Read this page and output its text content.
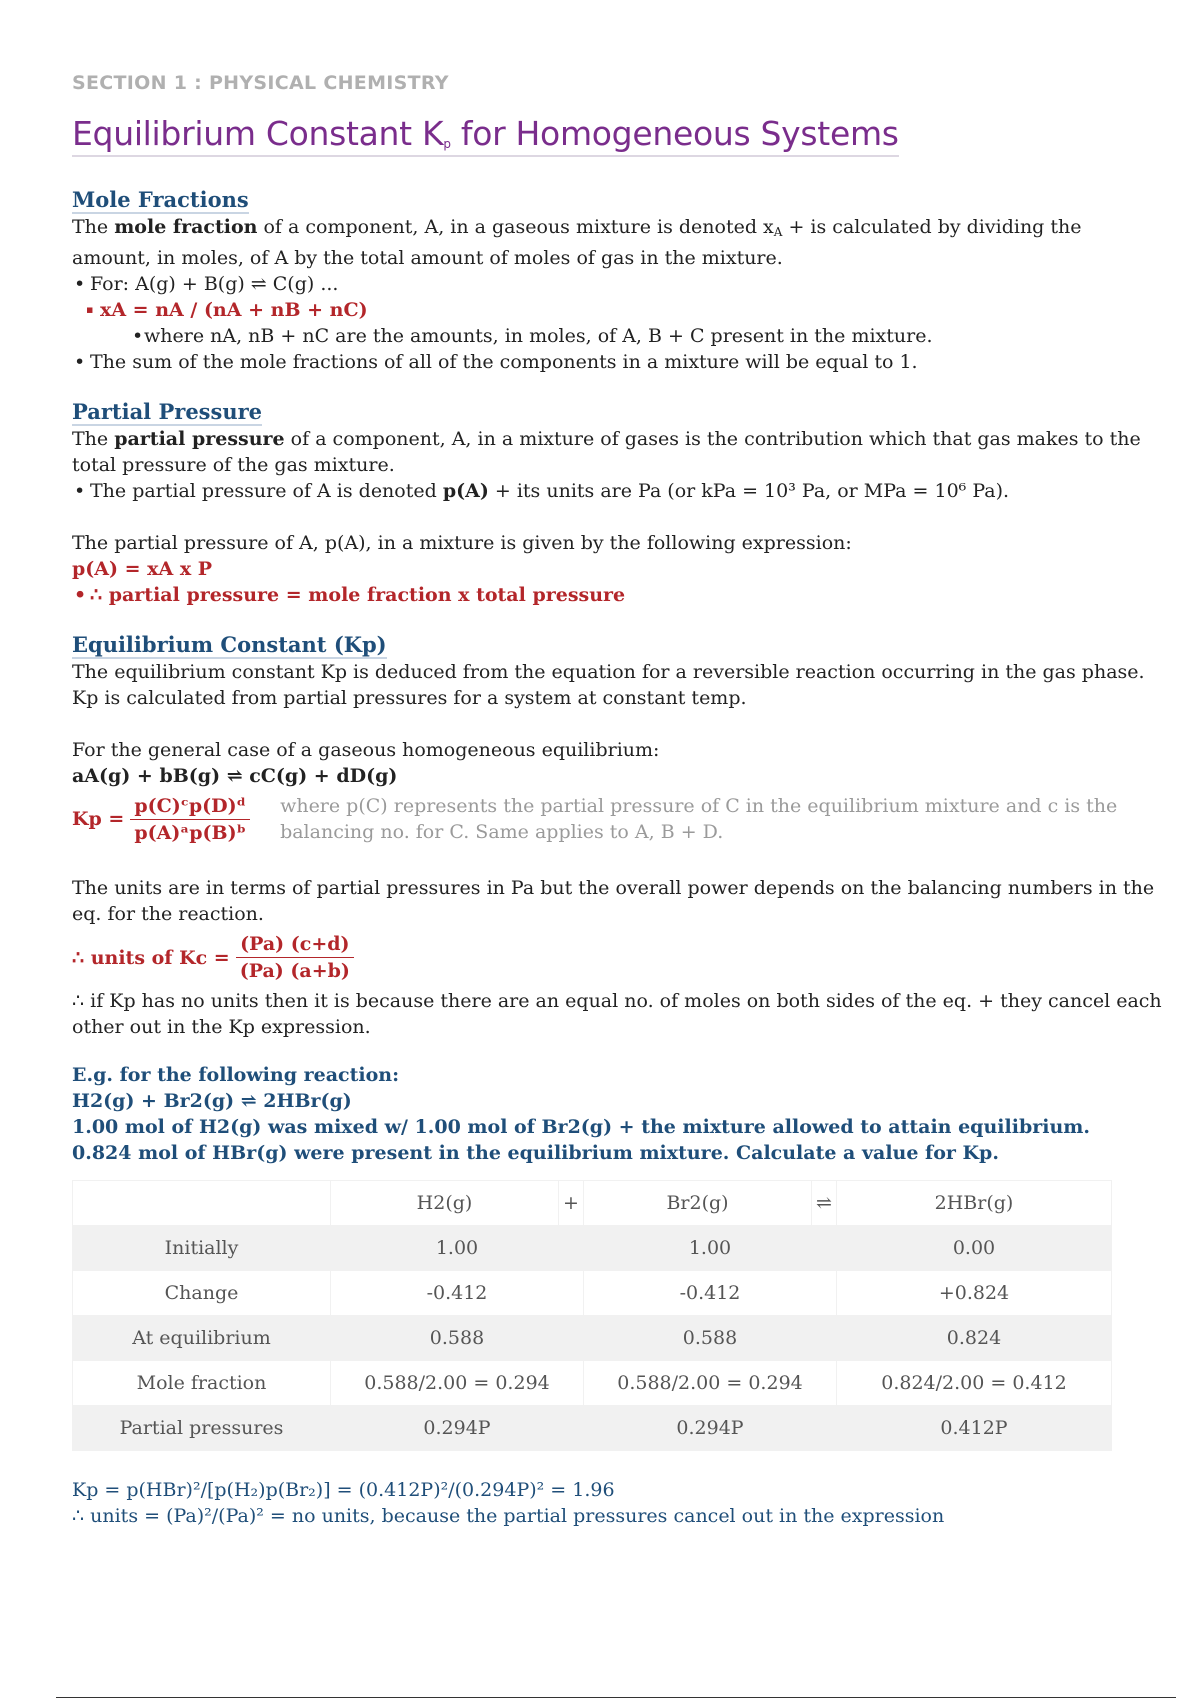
SECTION 1 : PHYSICAL CHEMISTRY

Equilibrium Constant $K_p$ for Homogeneous Systems
Mole Fractions

The mole fraction of a component, A, in a gaseous mixture is denoted $x_A$ + is calculated by dividing the amount, in moles, of A by the total amount of moles of gas in the mixture.

• For: A(g) + B(g) ⇌ C(g) ...
▪ xA = nA / (nA + nB + nC)
• where nA, nB + nC are the amounts, in moles, of A, B + C present in the mixture.
• The sum of the mole fractions of all of the components in a mixture will be equal to 1.
Partial Pressure

The partial pressure of a component, A, in a mixture of gases is the contribution which that gas makes to the total pressure of the gas mixture.

• The partial pressure of A is denoted p(A) + its units are Pa (or kPa = 10³ Pa, or MPa = 10⁶ Pa).

The partial pressure of A, p(A), in a mixture is given by the following expression:

p(A) = xA x P

• ∴ partial pressure = mole fraction x total pressure
Equilibrium Constant (Kp)

The equilibrium constant Kp is deduced from the equation for a reversible reaction occurring in the gas phase. Kp is calculated from partial pressures for a system at constant temp.

For the general case of a gaseous homogeneous equilibrium:

aA(g) + bB(g) ⇌ cC(g) + dD(g)

$Kp = \frac{\text{p(C)ᶜp(D)ᵈ}}{\text{p(A)ᵃp(B)ᵇ}}$ where p(C) represents the partial pressure of C in the equilibrium mixture and c is the balancing no. for C. Same applies to A, B + D.

The units are in terms of partial pressures in Pa but the overall power depends on the balancing numbers in the eq. for the reaction.

∴ units of $Kc = \frac{(Pa) (c+d)}{(Pa) (a+b)}$

∴ if Kp has no units then it is because there are an equal no. of moles on both sides of the eq. + they cancel each other out in the Kp expression.

E.g. for the following reaction:

H2(g) + Br2(g) ⇌ 2HBr(g)

1.00 mol of H2(g) was mixed w/ 1.00 mol of Br2(g) + the mixture allowed to attain equilibrium.

0.824 mol of HBr(g) were present in the equilibrium mixture. Calculate a value for Kp.

	H2(g)	+	Br2(g)	⇌	2HBr(g)
Initially	1.00		1.00		0.00
Change	-0.412		-0.412		+0.824
At equilibrium	0.588		0.588		0.824
Mole fraction	0.588/2.00 = 0.294		0.588/2.00 = 0.294		0.824/2.00 = 0.412
Partial pressures	0.294P		0.294P		0.412P

Kp = p(HBr)²/[p(H₂)p(Br₂)] = (0.412P)²/(0.294P)² = 1.96

∴ units = (Pa)²/(Pa)² = no units, because the partial pressures cancel out in the expression
